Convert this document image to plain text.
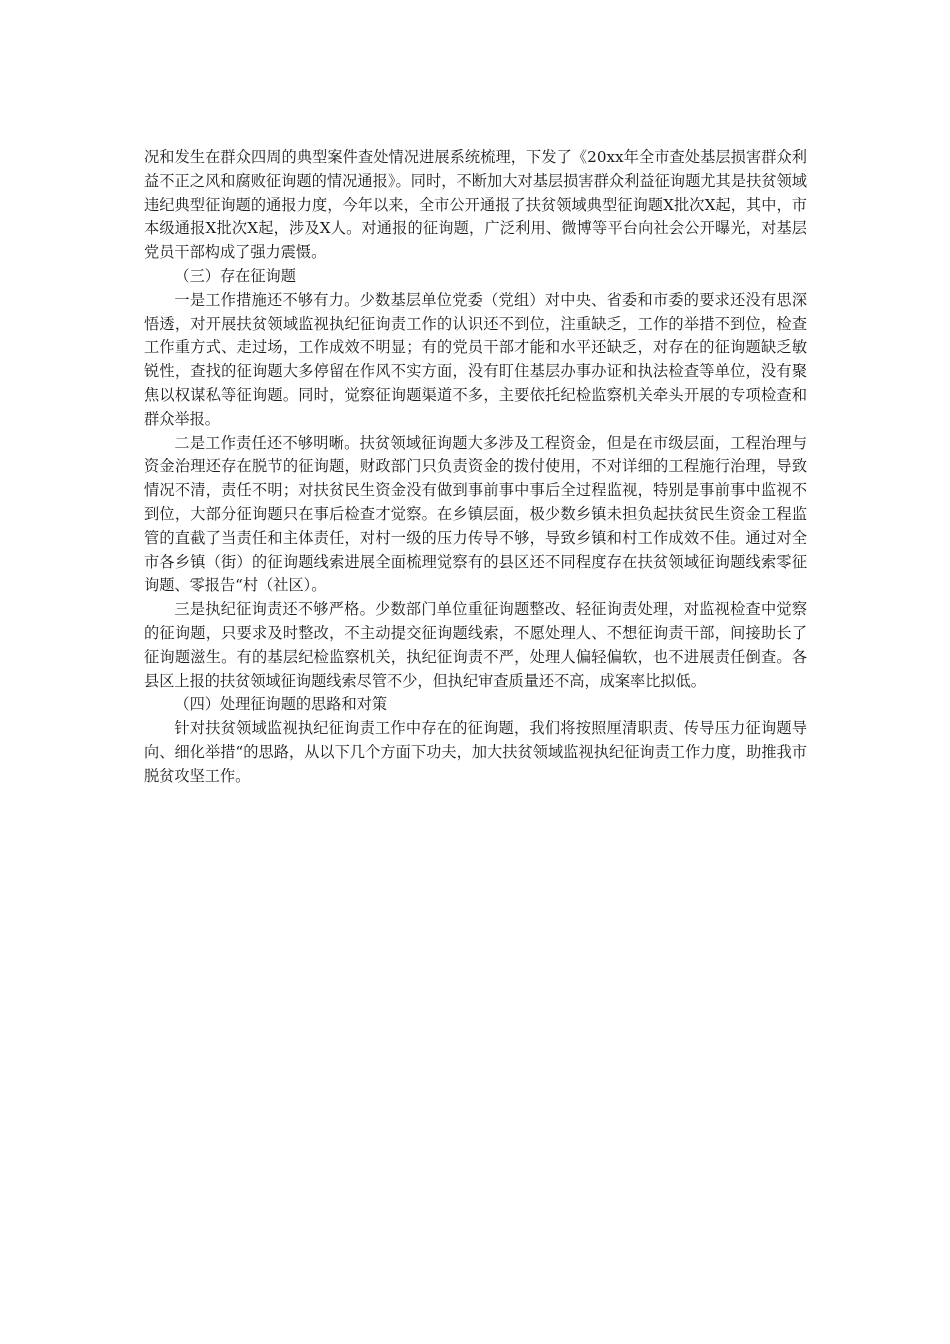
况和发生在群众四周的典型案件查处情况进展系统梳理，下发了《20xx年全市查处基层损害群众利益不正之风和腐败征询题的情况通报》。同时，不断加大对基层损害群众利益征询题尤其是扶贫领域违纪典型征询题的通报力度，今年以来，全市公开通报了扶贫领域典型征询题X批次X起，其中，市本级通报X批次X起，涉及X人。对通报的征询题，广泛利用、微博等平台向社会公开曝光，对基层党员干部构成了强力震慑。

（三）存在征询题

一是工作措施还不够有力。少数基层单位党委（党组）对中央、省委和市委的要求还没有思深悟透，对开展扶贫领域监视执纪征询责工作的认识还不到位，注重缺乏，工作的举措不到位，检查工作重方式、走过场，工作成效不明显；有的党员干部才能和水平还缺乏，对存在的征询题缺乏敏锐性，查找的征询题大多停留在作风不实方面，没有盯住基层办事办证和执法检查等单位，没有聚焦以权谋私等征询题。同时，觉察征询题渠道不多，主要依托纪检监察机关牵头开展的专项检查和群众举报。

二是工作责任还不够明晰。扶贫领域征询题大多涉及工程资金，但是在市级层面，工程治理与资金治理还存在脱节的征询题，财政部门只负责资金的拨付使用，不对详细的工程施行治理，导致情况不清，责任不明；对扶贫民生资金没有做到事前事中事后全过程监视，特别是事前事中监视不到位，大部分征询题只在事后检查才觉察。在乡镇层面，极少数乡镇未担负起扶贫民生资金工程监管的直截了当责任和主体责任，对村一级的压力传导不够，导致乡镇和村工作成效不佳。通过对全市各乡镇（街）的征询题线索进展全面梳理觉察有的县区还不同程度存在扶贫领域征询题线索零征询题、零报告“村（社区）。

三是执纪征询责还不够严格。少数部门单位重征询题整改、轻征询责处理，对监视检查中觉察的征询题，只要求及时整改，不主动提交征询题线索，不愿处理人、不想征询责干部，间接助长了征询题滋生。有的基层纪检监察机关，执纪征询责不严，处理人偏轻偏软，也不进展责任倒查。各县区上报的扶贫领域征询题线索尽管不少，但执纪审查质量还不高，成案率比拟低。

（四）处理征询题的思路和对策

针对扶贫领域监视执纪征询责工作中存在的征询题，我们将按照厘清职责、传导压力征询题导向、细化举措“的思路，从以下几个方面下功夫，加大扶贫领域监视执纪征询责工作力度，助推我市脱贫攻坚工作。
